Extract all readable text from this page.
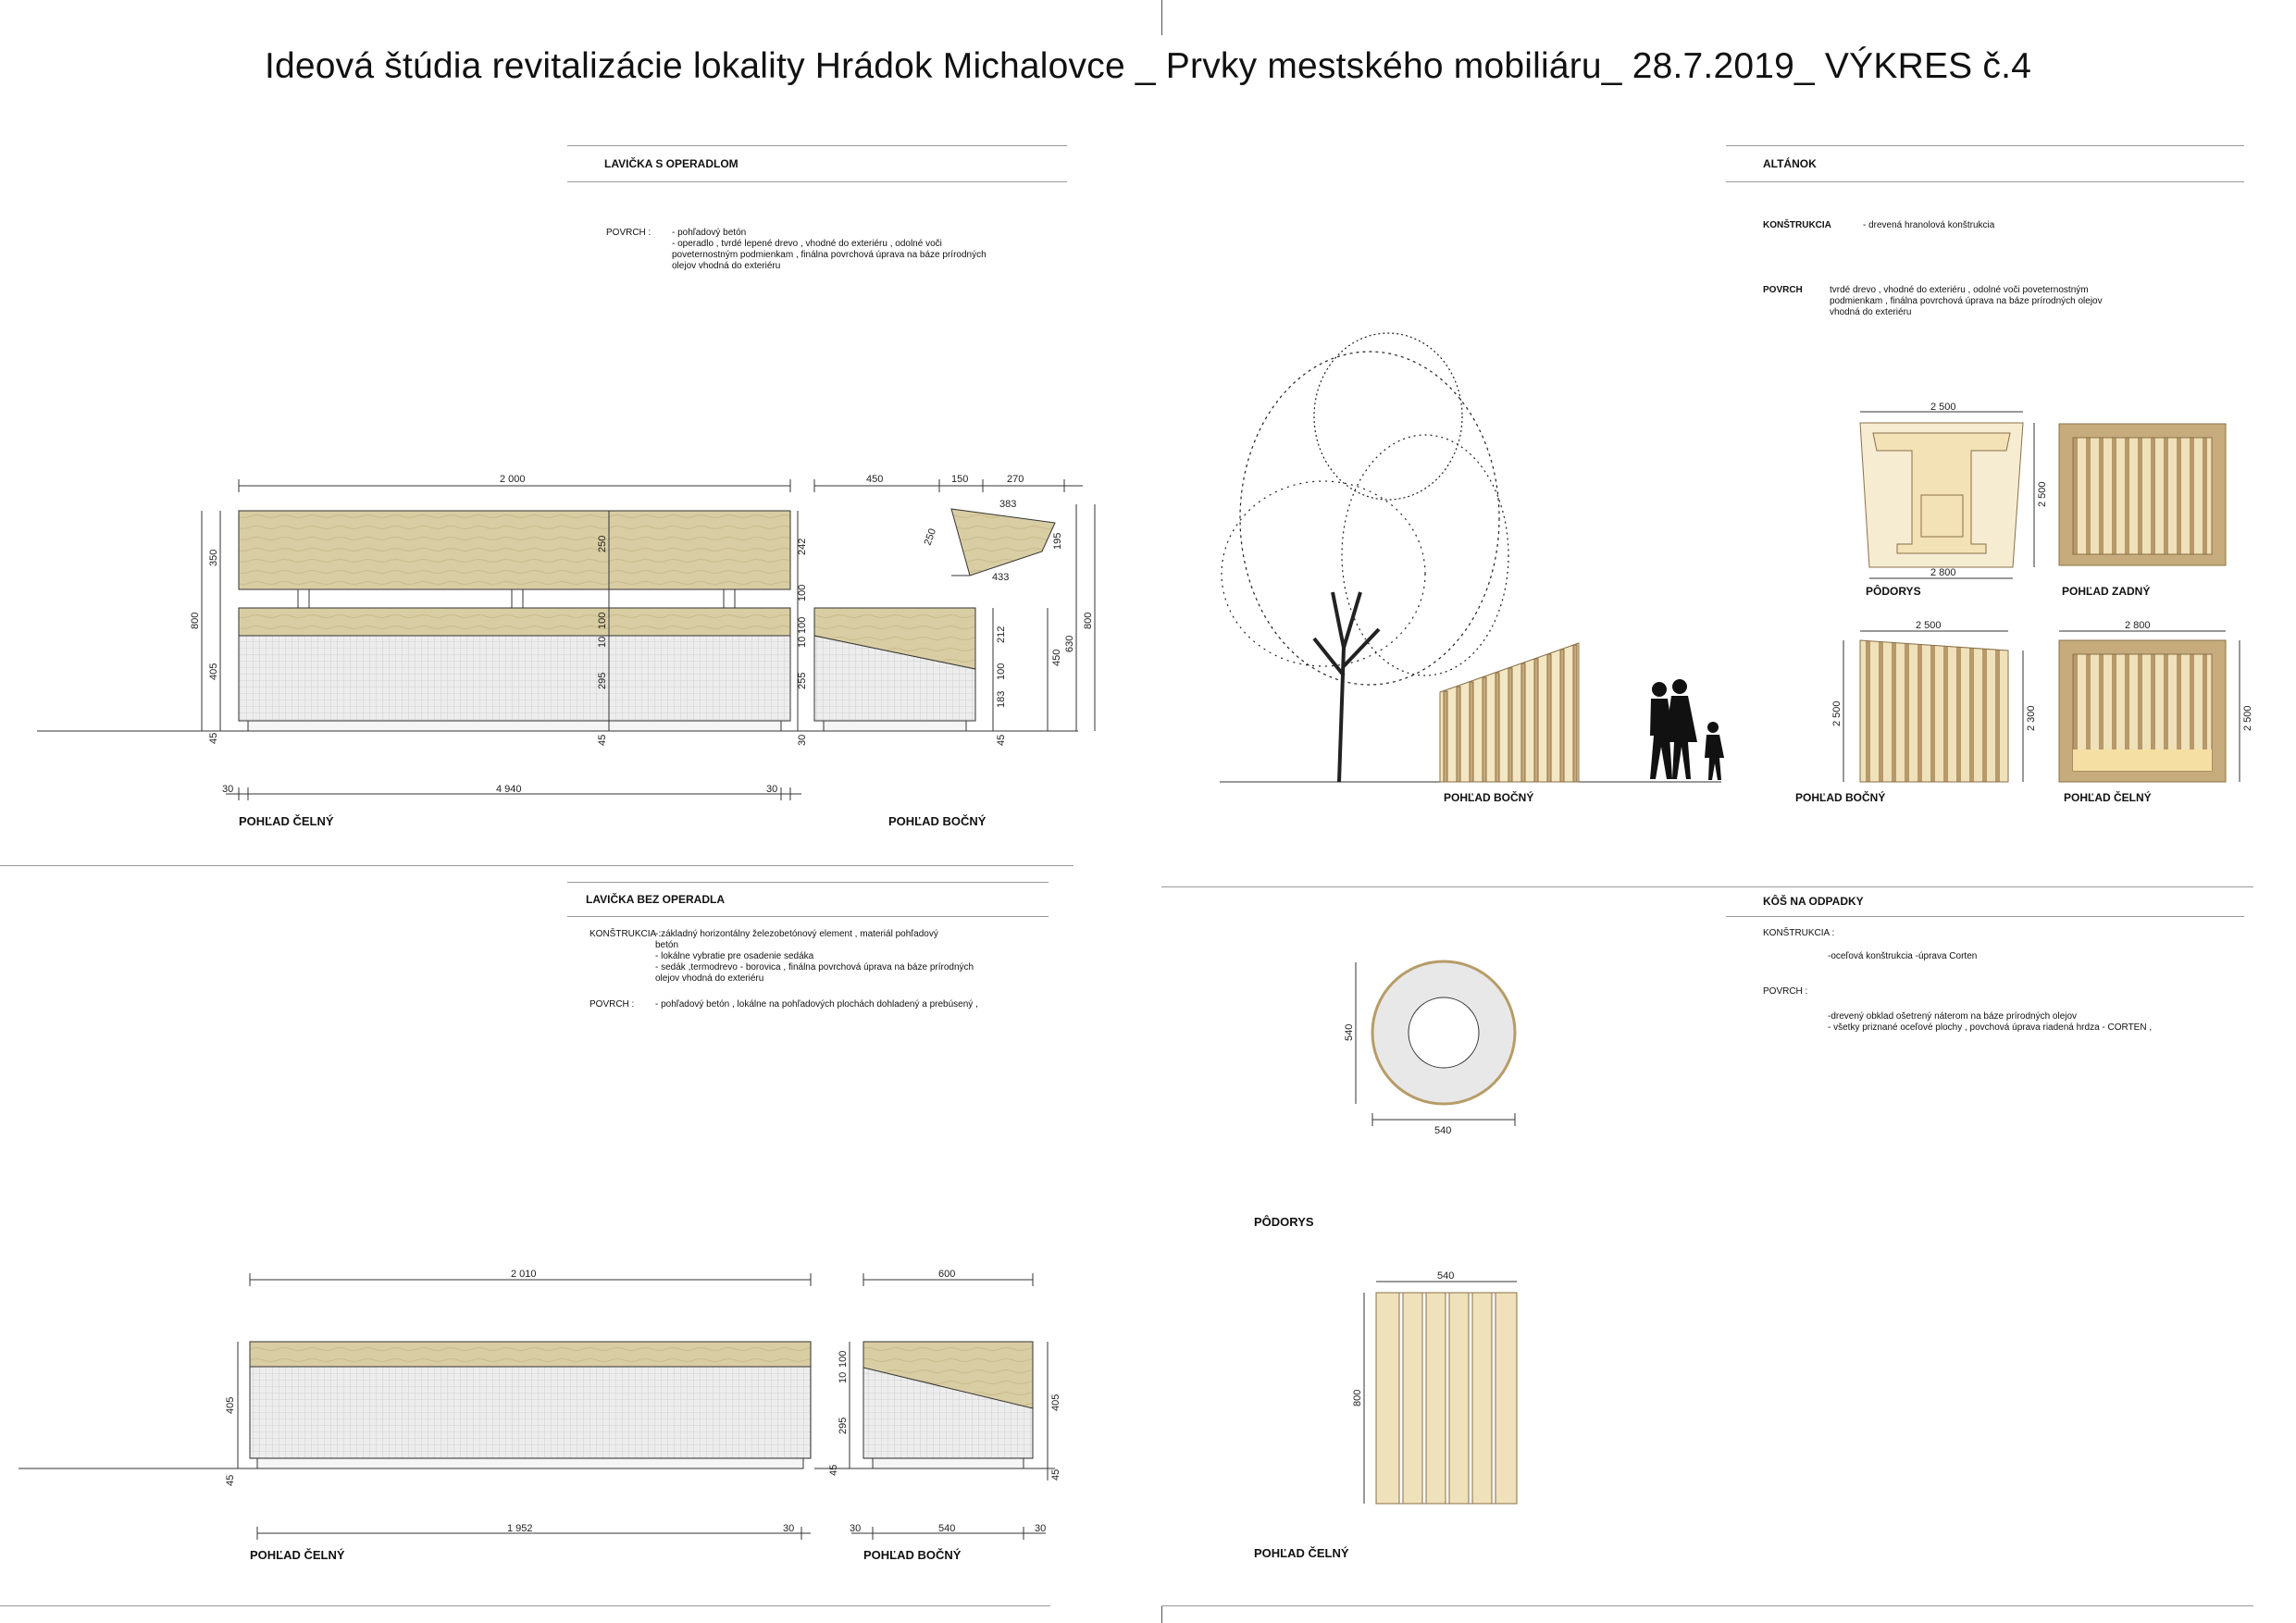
Ideová štúdia revitalizácie lokality Hrádok Michalovce _ Prvky mestského mobiliáru_ 28.7.2019_ VÝKRES č.4
LAVIČKA S OPERADLOM
POVRCH : - pohľadový betón
- operadlo , tvrdé lepené drevo , vhodné do exteriéru , odolné voči
poveternostným podmienkam , finálna povrchová úprava na báze prírodných
olejov vhodná do exteriéru
POHĽAD ČELNÝ	POHĽAD BOČNÝ
ALTÁNOK
KONŠTRUKCIA	- drevená hranolová konštrukcia
POVRCH	tvrdé drevo , vhodné do exteriéru , odolné voči poveternostným
podmienkam , finálna povrchová úprava na báze prírodných olejov
vhodná do exteriéru
POHĽAD BOČNÝ
PÔDORYS	POHĽAD ZADNÝ
POHĽAD BOČNÝ	POHĽAD ČELNÝ
LAVIČKA BEZ OPERADLA
KONŠTRUKCIA :
- základný horizontálny železobetónový element , materiál pohľadový
betón
- lokálne vybratie pre osadenie sedáka
- sedák ,termodrevo - borovica , finálna povrchová úprava na báze prírodných
olejov vhodná do exteriéru
POVRCH : - pohľadový betón , lokálne na pohľadových plochách dohladený a prebúsený ,
POHĽAD ČELNÝ	POHĽAD BOČNÝ
KÔŠ NA ODPADKY
KONŠTRUKCIA :
-oceľová konštrukcia -úprava Corten
POVRCH :
-drevený obklad ošetrený náterom na báze prírodných olejov
- všetky priznané oceľové plochy , povchová úprava riadená hrdza - CORTEN ,
PÔDORYS
POHĽAD ČELNÝ
2 000
4 940
30	30
800
350
405
45
250
100
10
295
45
450	150	270
383
250
433
242
100
100
10
255
212
100
183
45
450
630
800
195
30
2 500
2 800
2 500
2 500
2 500	2 300
2 800
2 500
2 010
1 952	30
405
45
600
540
30	30
100
10
295
405
45	45
540
540
540
800
